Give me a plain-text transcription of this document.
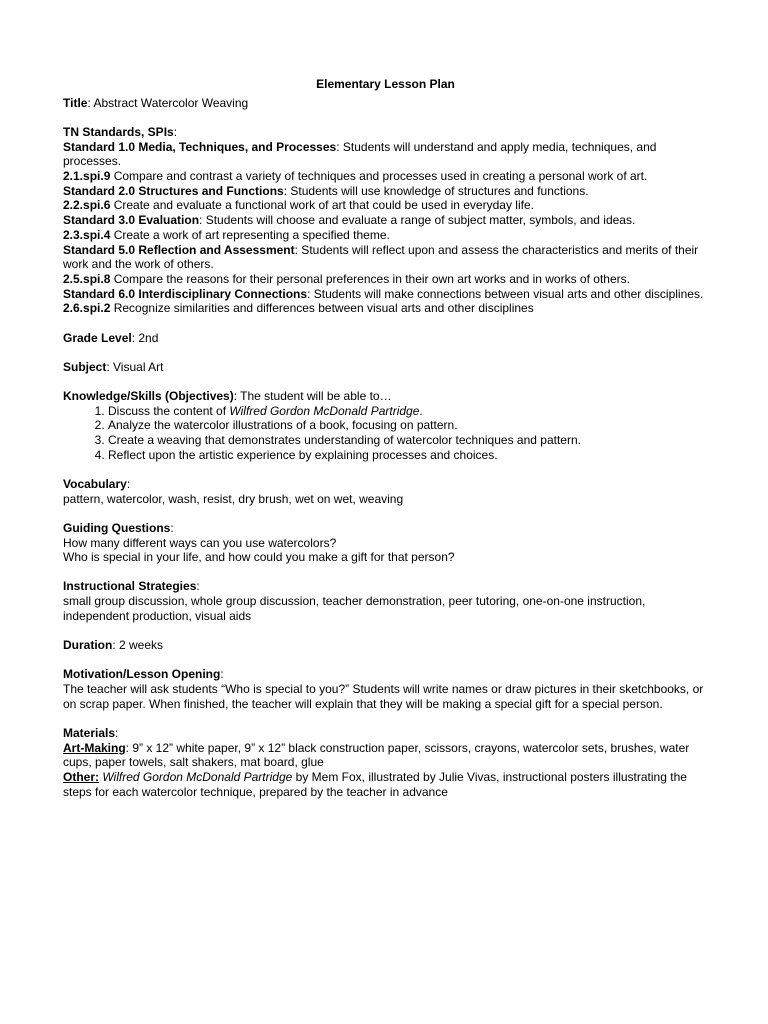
Elementary Lesson Plan

Title: Abstract Watercolor Weaving

TN Standards, SPIs:

Standard 1.0 Media, Techniques, and Processes: Students will understand and apply media, techniques, and processes.

2.1.spi.9 Compare and contrast a variety of techniques and processes used in creating a personal work of art.

Standard 2.0 Structures and Functions: Students will use knowledge of structures and functions.

2.2.spi.6 Create and evaluate a functional work of art that could be used in everyday life.

Standard 3.0 Evaluation: Students will choose and evaluate a range of subject matter, symbols, and ideas.

2.3.spi.4 Create a work of art representing a specified theme.

Standard 5.0 Reflection and Assessment: Students will reflect upon and assess the characteristics and merits of their work and the work of others.

2.5.spi.8 Compare the reasons for their personal preferences in their own art works and in works of others.

Standard 6.0 Interdisciplinary Connections: Students will make connections between visual arts and other disciplines.

2.6.spi.2 Recognize similarities and differences between visual arts and other disciplines

Grade Level: 2nd

Subject: Visual Art

Knowledge/Skills (Objectives): The student will be able to…

1. Discuss the content of Wilfred Gordon McDonald Partridge.
2. Analyze the watercolor illustrations of a book, focusing on pattern.
3. Create a weaving that demonstrates understanding of watercolor techniques and pattern.
4. Reflect upon the artistic experience by explaining processes and choices.

Vocabulary:

pattern, watercolor, wash, resist, dry brush, wet on wet, weaving

Guiding Questions:

How many different ways can you use watercolors?

Who is special in your life, and how could you make a gift for that person?

Instructional Strategies:

small group discussion, whole group discussion, teacher demonstration, peer tutoring, one-on-one instruction, independent production, visual aids

Duration: 2 weeks

Motivation/Lesson Opening:

The teacher will ask students “Who is special to you?” Students will write names or draw pictures in their sketchbooks, or on scrap paper. When finished, the teacher will explain that they will be making a special gift for a special person.

Materials:

Art-Making: 9” x 12” white paper, 9” x 12” black construction paper, scissors, crayons, watercolor sets, brushes, water cups, paper towels, salt shakers, mat board, glue

Other: Wilfred Gordon McDonald Partridge by Mem Fox, illustrated by Julie Vivas, instructional posters illustrating the steps for each watercolor technique, prepared by the teacher in advance
